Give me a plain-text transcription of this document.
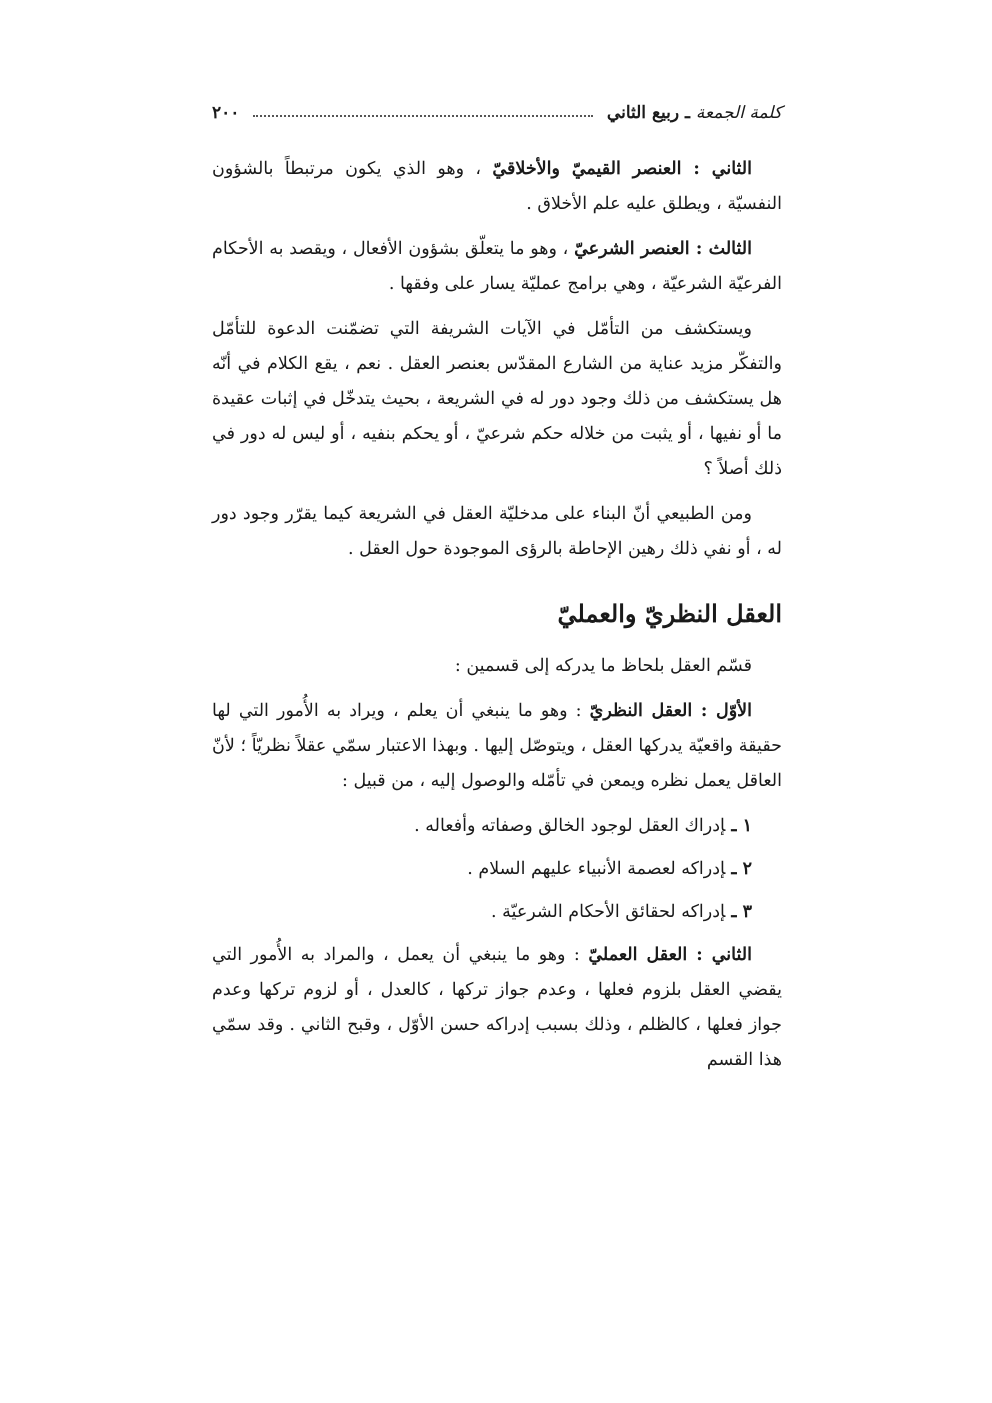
كلمة الجمعة ـ ربيع الثاني
٢٠٠

الثاني : العنصر القيميّ والأخلاقيّ ، وهو الذي يكون مرتبطاً بالشؤون النفسيّة ، ويطلق عليه علم الأخلاق .

الثالث : العنصر الشرعيّ ، وهو ما يتعلّق بشؤون الأفعال ، ويقصد به الأحكام الفرعيّة الشرعيّة ، وهي برامج عمليّة يسار على وفقها .

ويستكشف من التأمّل في الآيات الشريفة التي تضمّنت الدعوة للتأمّل والتفكّر مزيد عناية من الشارع المقدّس بعنصر العقل . نعم ، يقع الكلام في أنّه هل يستكشف من ذلك وجود دور له في الشريعة ، بحيث يتدخّل في إثبات عقيدة ما أو نفيها ، أو يثبت من خلاله حكم شرعيّ ، أو يحكم بنفيه ، أو ليس له دور في ذلك أصلاً ؟

ومن الطبيعي أنّ البناء على مدخليّة العقل في الشريعة كيما يقرّر وجود دور له ، أو نفي ذلك رهين الإحاطة بالرؤى الموجودة حول العقل .

العقل النظريّ والعمليّ

قسّم العقل بلحاظ ما يدركه إلى قسمين :

الأوّل : العقل النظريّ : وهو ما ينبغي أن يعلم ، ويراد به الأُمور التي لها حقيقة واقعيّة يدركها العقل ، ويتوصّل إليها . وبهذا الاعتبار سمّي عقلاً نظريّاً ؛ لأنّ العاقل يعمل نظره ويمعن في تأمّله والوصول إليه ، من قبيل :

١ ـإدراك العقل لوجود الخالق وصفاته وأفعاله .
٢ ـإدراكه لعصمة الأنبياء عليهم السلام .
٣ ـإدراكه لحقائق الأحكام الشرعيّة .

الثاني : العقل العمليّ : وهو ما ينبغي أن يعمل ، والمراد به الأُمور التي يقضي العقل بلزوم فعلها ، وعدم جواز تركها ، كالعدل ، أو لزوم تركها وعدم جواز فعلها ، كالظلم ، وذلك بسبب إدراكه حسن الأوّل ، وقبح الثاني . وقد سمّي هذا القسم
